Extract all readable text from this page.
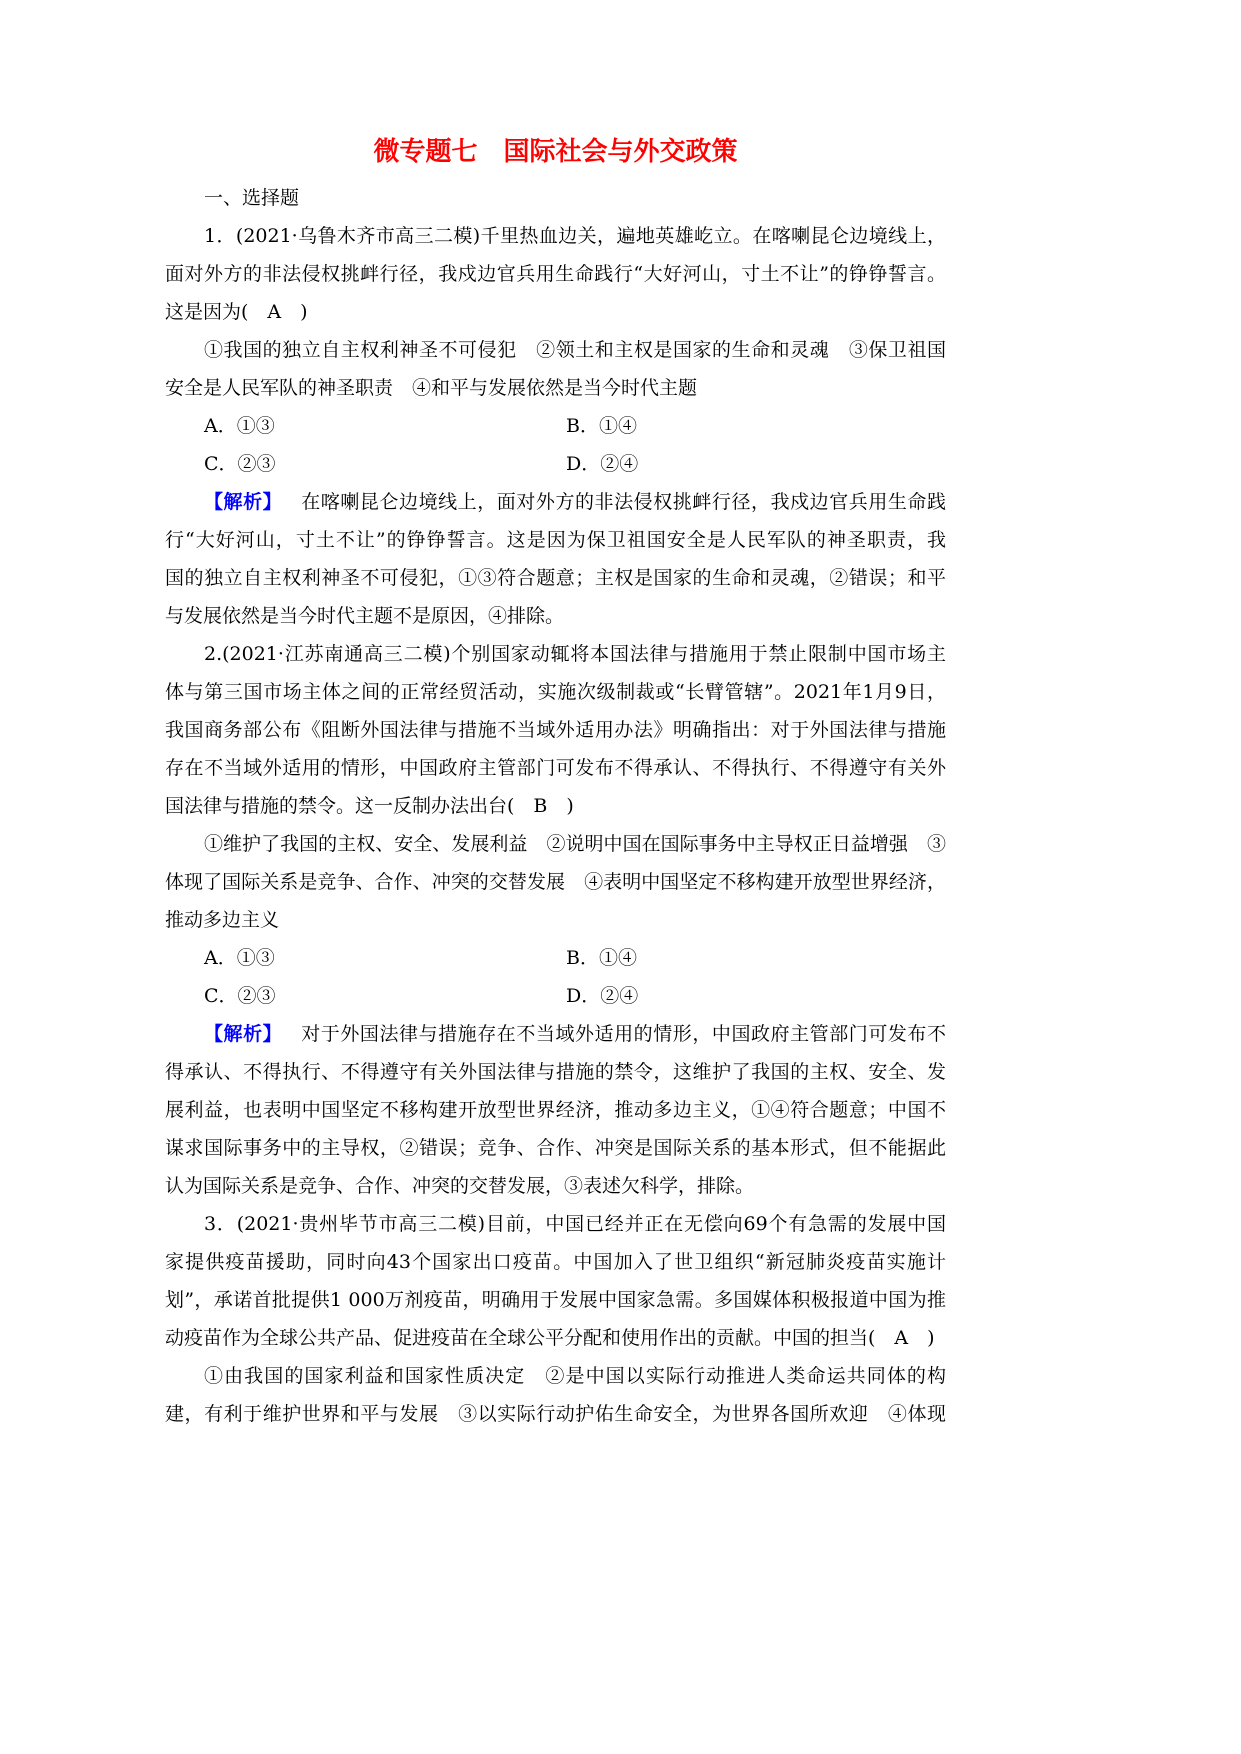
微专题七　国际社会与外交政策
一、选择题
1．(2021·乌鲁木齐市高三二模)千里热血边关，遍地英雄屹立。在喀喇昆仑边境线上，
面对外方的非法侵权挑衅行径，我戍边官兵用生命践行“大好河山，寸土不让”的铮铮誓言。
这是因为(　A　)
①我国的独立自主权利神圣不可侵犯　②领土和主权是国家的生命和灵魂　③保卫祖国
安全是人民军队的神圣职责　④和平与发展依然是当今时代主题
A．①③	B．①④
C．②③	D．②④
【解析】 在喀喇昆仑边境线上，面对外方的非法侵权挑衅行径，我戍边官兵用生命践
行“大好河山，寸土不让”的铮铮誓言。这是因为保卫祖国安全是人民军队的神圣职责，我
国的独立自主权利神圣不可侵犯，①③符合题意；主权是国家的生命和灵魂，②错误；和平
与发展依然是当今时代主题不是原因，④排除。
2.(2021·江苏南通高三二模)个别国家动辄将本国法律与措施用于禁止限制中国市场主
体与第三国市场主体之间的正常经贸活动，实施次级制裁或“长臂管辖”。2021年1月9日，
我国商务部公布《阻断外国法律与措施不当域外适用办法》明确指出：对于外国法律与措施
存在不当域外适用的情形，中国政府主管部门可发布不得承认、不得执行、不得遵守有关外
国法律与措施的禁令。这一反制办法出台(　B　)
①维护了我国的主权、安全、发展利益　②说明中国在国际事务中主导权正日益增强　③
体现了国际关系是竞争、合作、冲突的交替发展　④表明中国坚定不移构建开放型世界经济，
推动多边主义
A．①③	B．①④
C．②③	D．②④
【解析】 对于外国法律与措施存在不当域外适用的情形，中国政府主管部门可发布不
得承认、不得执行、不得遵守有关外国法律与措施的禁令，这维护了我国的主权、安全、发
展利益，也表明中国坚定不移构建开放型世界经济，推动多边主义，①④符合题意；中国不
谋求国际事务中的主导权，②错误；竞争、合作、冲突是国际关系的基本形式，但不能据此
认为国际关系是竞争、合作、冲突的交替发展，③表述欠科学，排除。
3．(2021·贵州毕节市高三二模)目前，中国已经并正在无偿向69个有急需的发展中国
家提供疫苗援助，同时向43个国家出口疫苗。中国加入了世卫组织“新冠肺炎疫苗实施计
划”，承诺首批提供1 000万剂疫苗，明确用于发展中国家急需。多国媒体积极报道中国为推
动疫苗作为全球公共产品、促进疫苗在全球公平分配和使用作出的贡献。中国的担当(　A　)
①由我国的国家利益和国家性质决定　②是中国以实际行动推进人类命运共同体的构
建，有利于维护世界和平与发展　③以实际行动护佑生命安全，为世界各国所欢迎　④体现
